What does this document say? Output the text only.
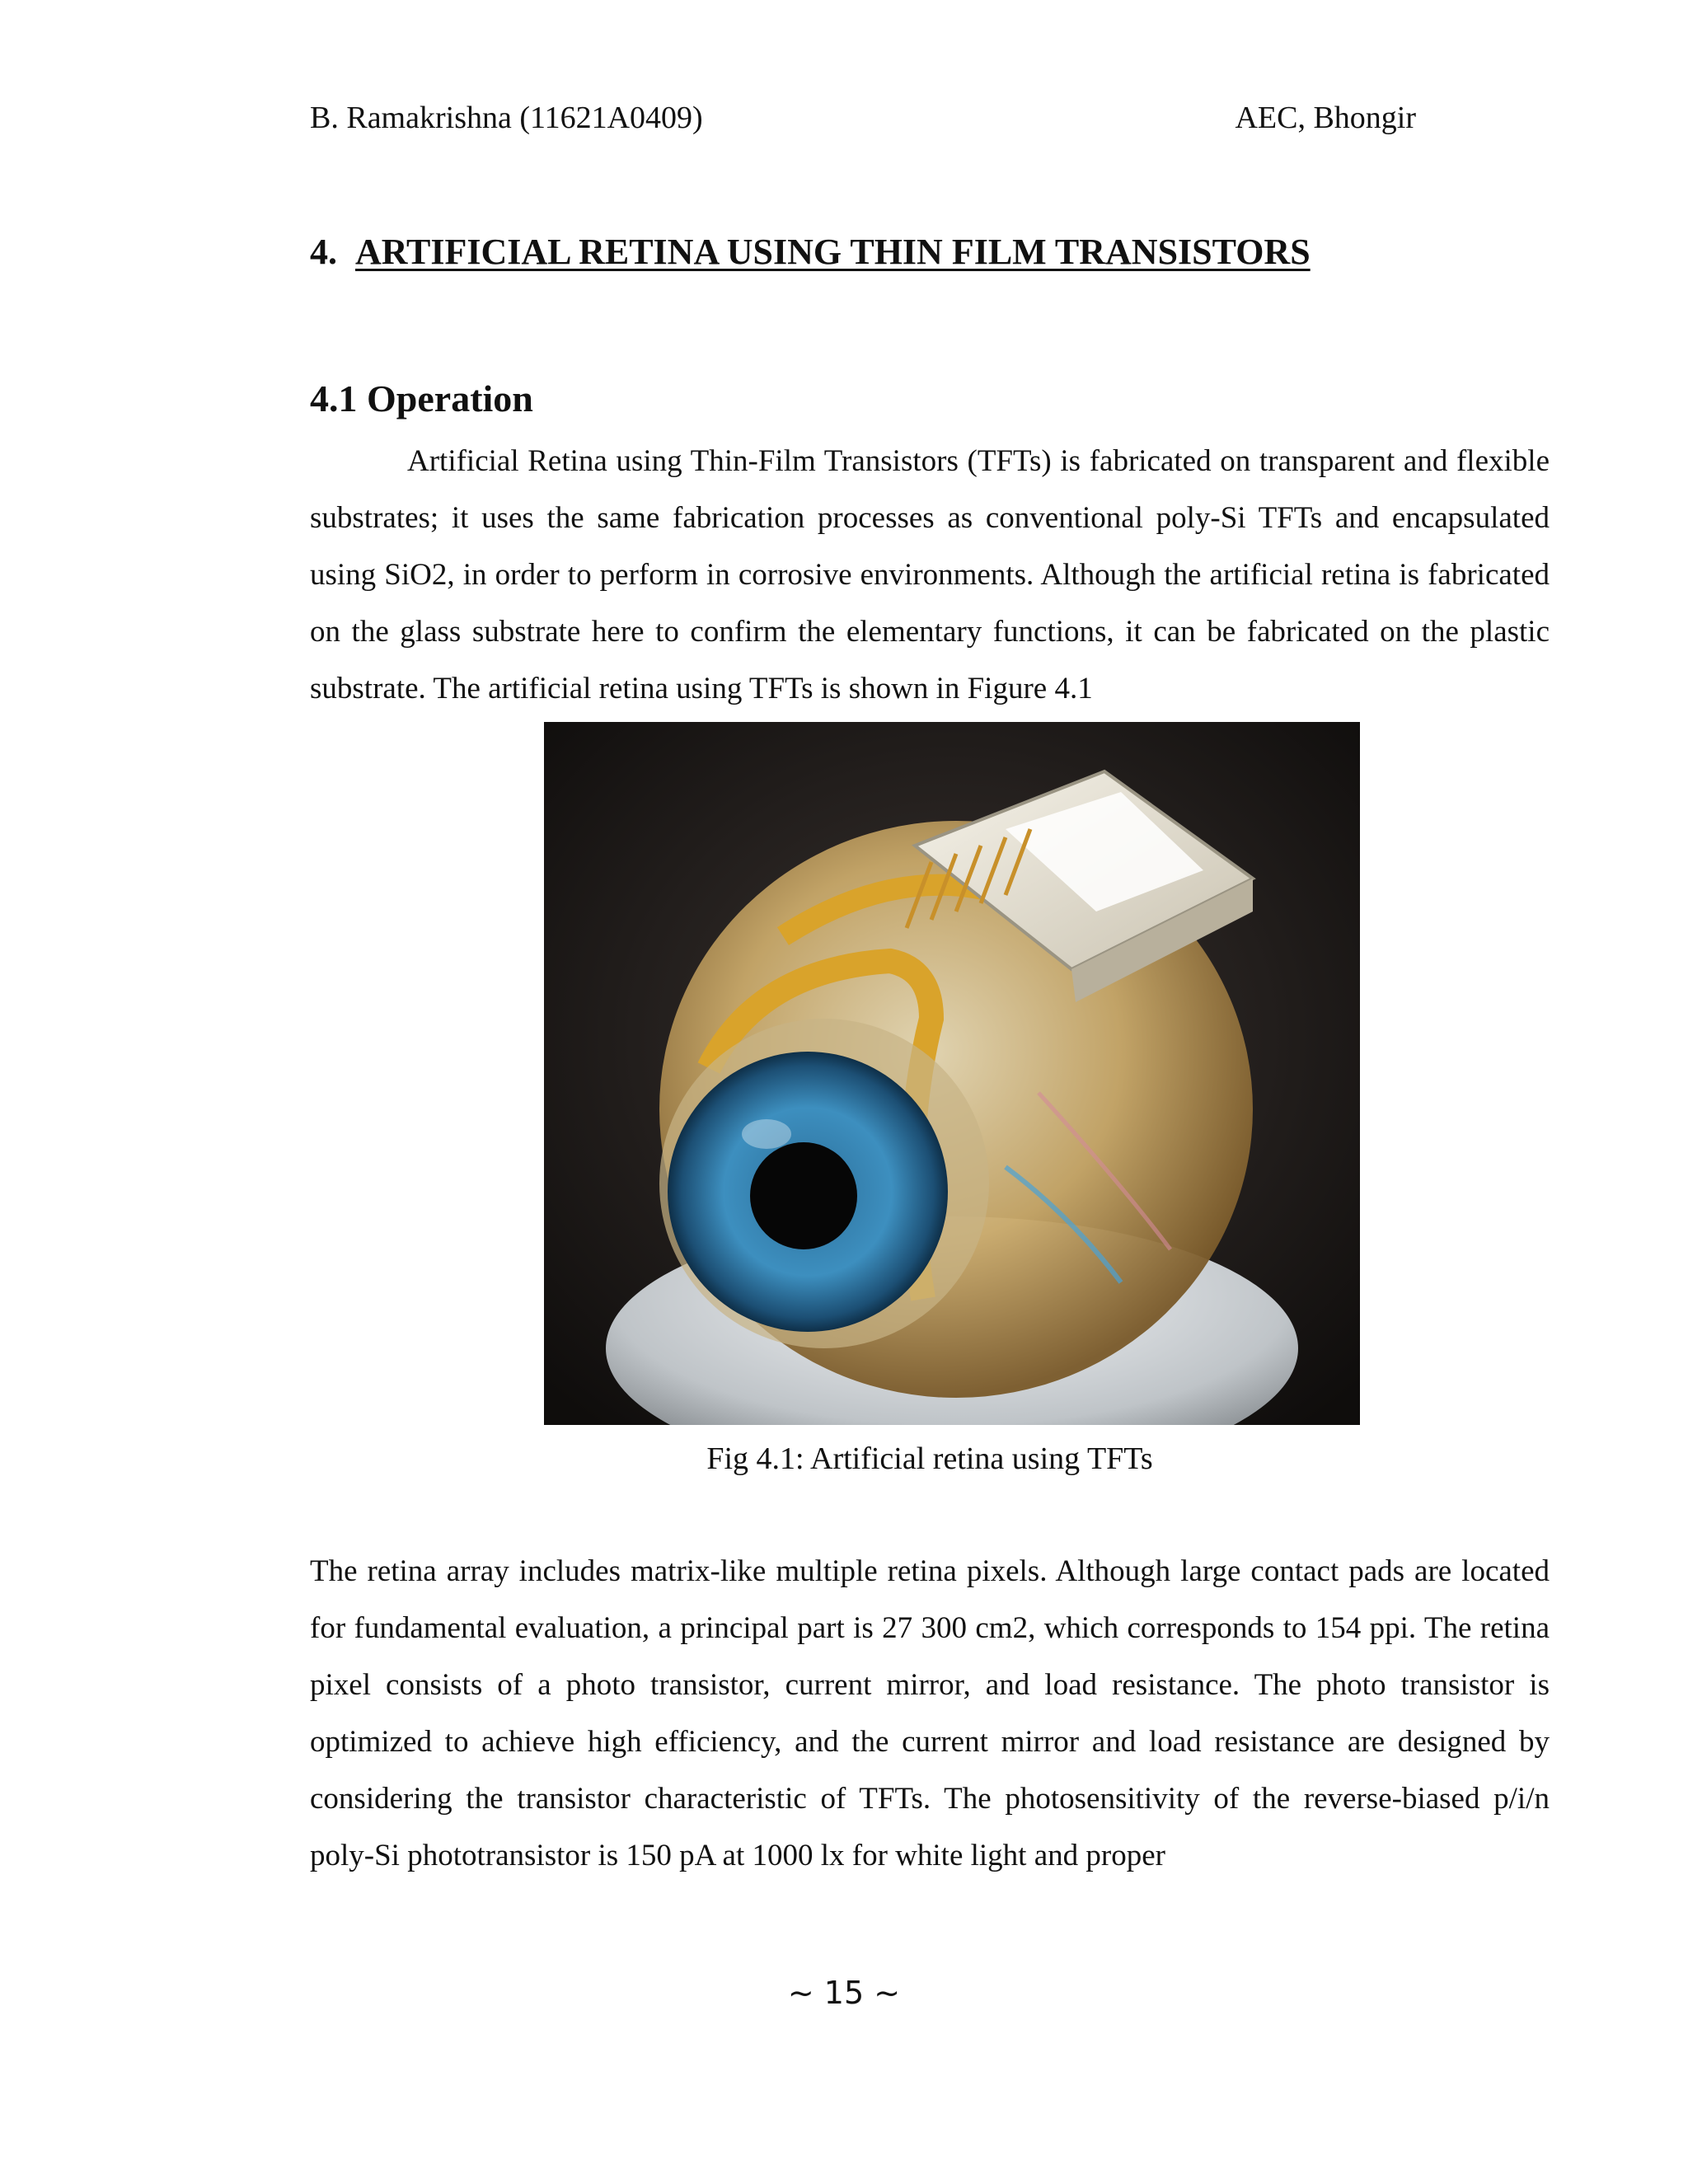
B. Ramakrishna (11621A0409)	AEC, Bhongir
4. ARTIFICIAL RETINA USING THIN FILM TRANSISTORS
4.1 Operation
Artificial Retina using Thin-Film Transistors (TFTs) is fabricated on transparent and flexible substrates; it uses the same fabrication processes as conventional poly-Si TFTs and encapsulated using SiO2, in order to perform in corrosive environments. Although the artificial retina is fabricated on the glass substrate here to confirm the elementary functions, it can be fabricated on the plastic substrate. The artificial retina using TFTs is shown in Figure 4.1
Fig 4.1: Artificial retina using TFTs
The retina array includes matrix-like multiple retina pixels. Although large contact pads are located for fundamental evaluation, a principal part is 27 300 cm2, which corresponds to 154 ppi. The retina pixel consists of a photo transistor, current mirror, and load resistance. The photo transistor is optimized to achieve high efficiency, and the current mirror and load resistance are designed by considering the transistor characteristic of TFTs. The photosensitivity of the reverse-biased p/i/n poly-Si phototransistor is 150 pA at 1000 lx for white light and proper
~ 15 ~
